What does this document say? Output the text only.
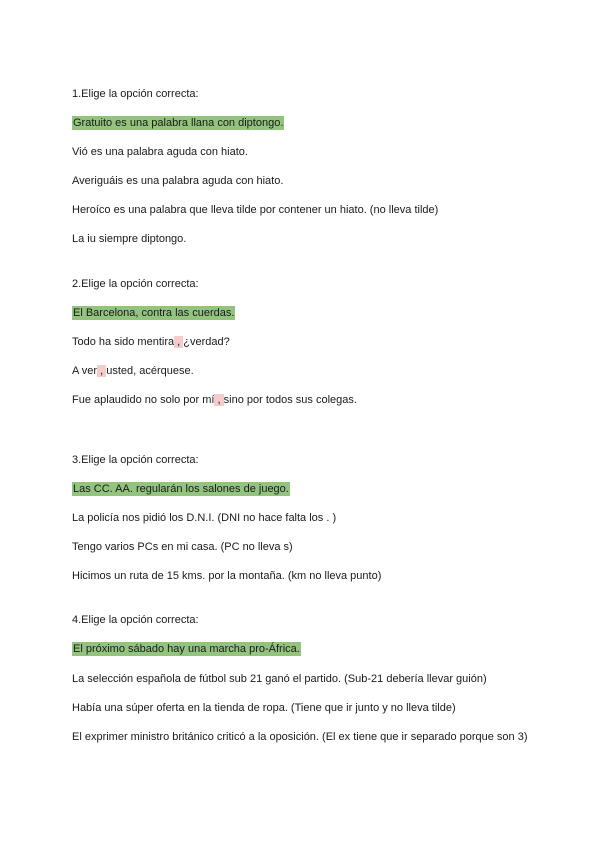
1.Elige la opción correcta:
Gratuito es una palabra llana con diptongo.
Vió es una palabra aguda con hiato.
Averiguáis es una palabra aguda con hiato.
Heroíco es una palabra que lleva tilde por contener un hiato. (no lleva tilde)
La iu siempre diptongo.
2.Elige la opción correcta:
El Barcelona, contra las cuerdas.
Todo ha sido mentira , ¿verdad?
A ver , usted, acérquese.
Fue aplaudido no solo por mí , sino por todos sus colegas.
3.Elige la opción correcta:
Las CC. AA. regularán los salones de juego.
La policía nos pidió los D.N.I. (DNI no hace falta los . )
Tengo varios PCs en mi casa. (PC no lleva s)
Hicimos un ruta de 15 kms. por la montaña. (km no lleva punto)
4.Elige la opción correcta:
El próximo sábado hay una marcha pro-África.
La selección española de fútbol sub 21 ganó el partido. (Sub-21 debería llevar guión)
Había una súper oferta en la tienda de ropa. (Tiene que ir junto y no lleva tilde)
El exprimer ministro británico criticó a la oposición. (El ex tiene que ir separado porque son 3)
